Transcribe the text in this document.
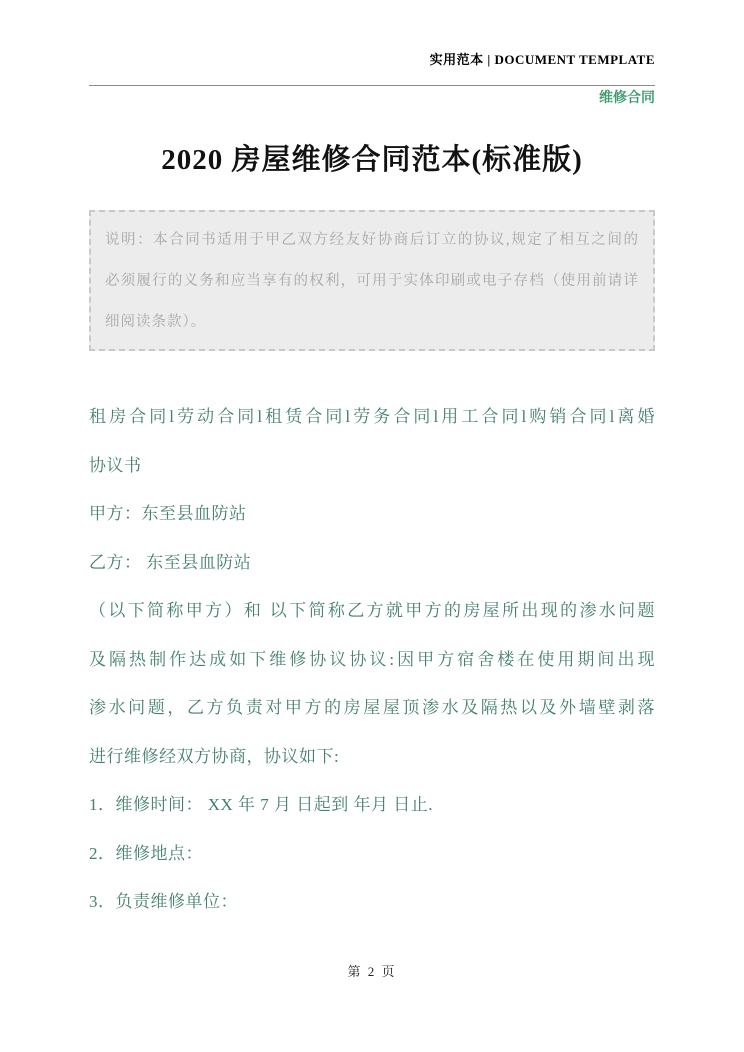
实用范本 | DOCUMENT TEMPLATE
维修合同
2020 房屋维修合同范本(标准版)
说明：本合同书适用于甲乙双方经友好协商后订立的协议,规定了相互之间的
必须履行的义务和应当享有的权利，可用于实体印刷或电子存档（使用前请详
细阅读条款）。
租房合同l劳动合同l租赁合同l劳务合同l用工合同l购销合同l离婚
协议书
甲方：东至县血防站
乙方： 东至县血防站
（以下简称甲方）和 以下简称乙方就甲方的房屋所出现的渗水问题
及隔热制作达成如下维修协议协议:因甲方宿舍楼在使用期间出现
渗水问题，乙方负责对甲方的房屋屋顶渗水及隔热以及外墙壁剥落
进行维修经双方协商，协议如下:
1．维修时间： XX 年 7 月 日起到 年月 日止.
2．维修地点：
3．负责维修单位：
第 2 页
